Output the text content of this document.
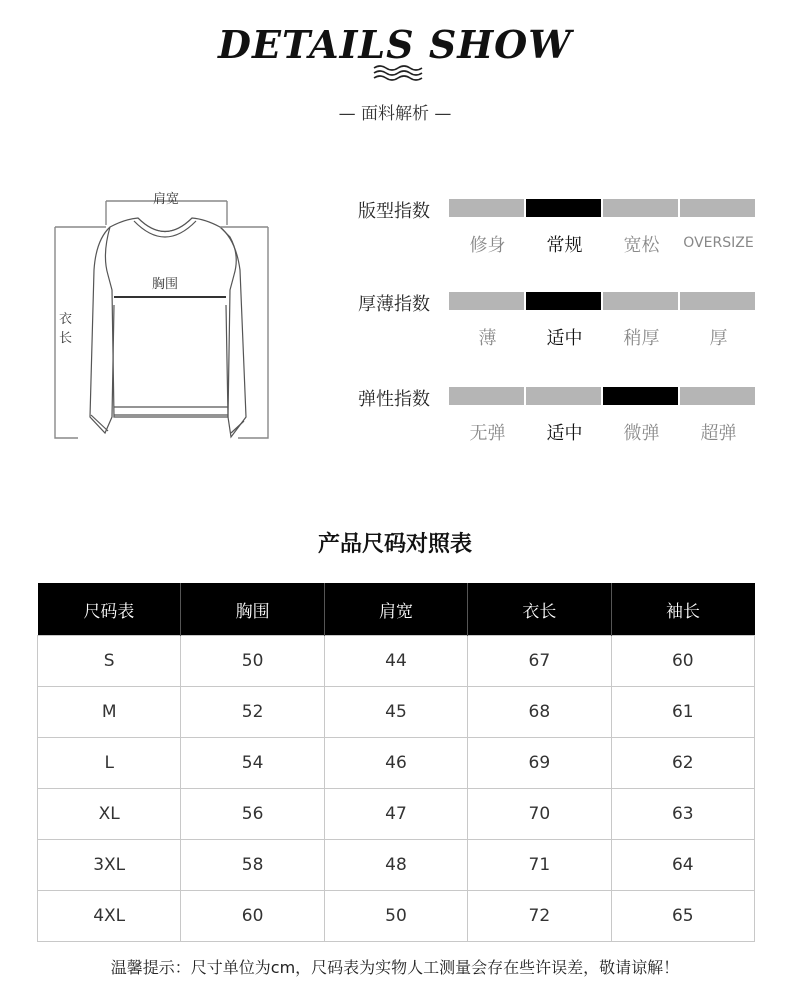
DETAILS SHOW
— 面料解析 —
肩宽
胸围
衣
长
版型指数
修身	常规	宽松	OVERSIZE
厚薄指数
薄	适中	稍厚	厚
弹性指数
无弹	适中	微弹	超弹
产品尺码对照表
尺码表	胸围	肩宽	衣长	袖长
S	50	44	67	60
M	52	45	68	61
L	54	46	69	62
XL	56	47	70	63
3XL	58	48	71	64
4XL	60	50	72	65
温馨提示：尺寸单位为cm，尺码表为实物人工测量会存在些许误差，敬请谅解！
